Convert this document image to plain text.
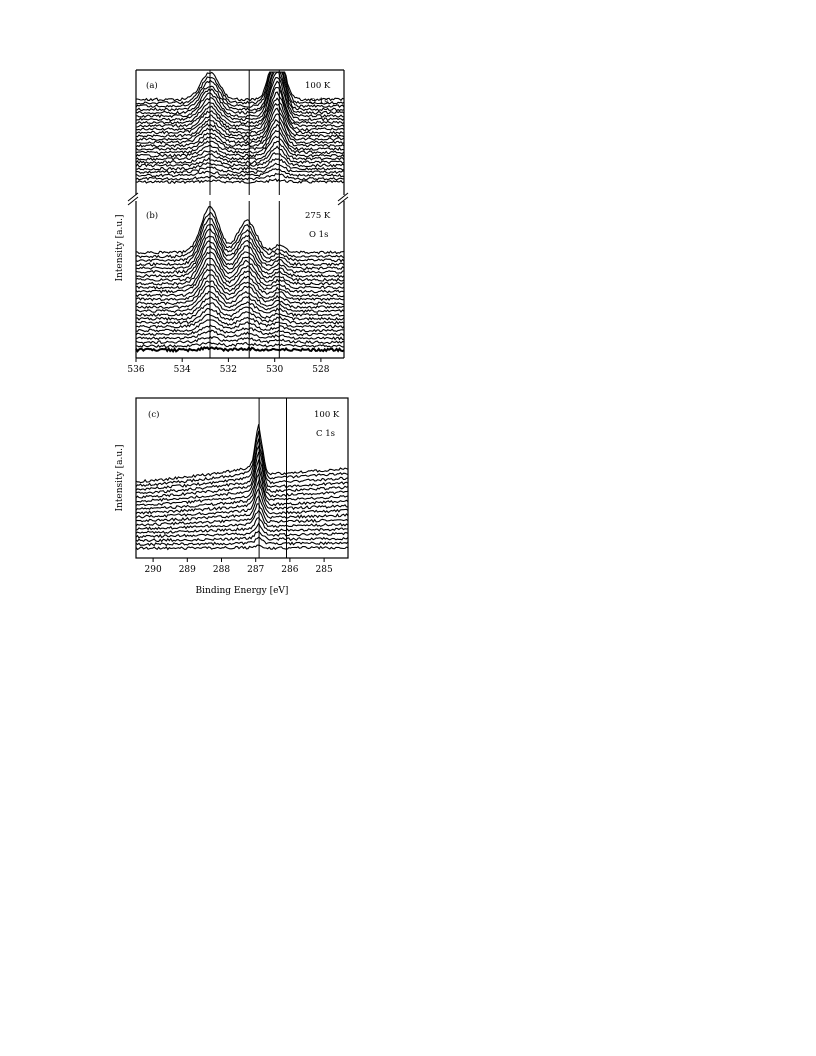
(a)	100 K
O 1s
536	534	532	530	528
(b)	275 K
O 1s
Intensity [a.u.]
290 289 288 287 286 285
(c)	100 K
C 1s
Intensity [a.u.]
Binding Energy [eV]
